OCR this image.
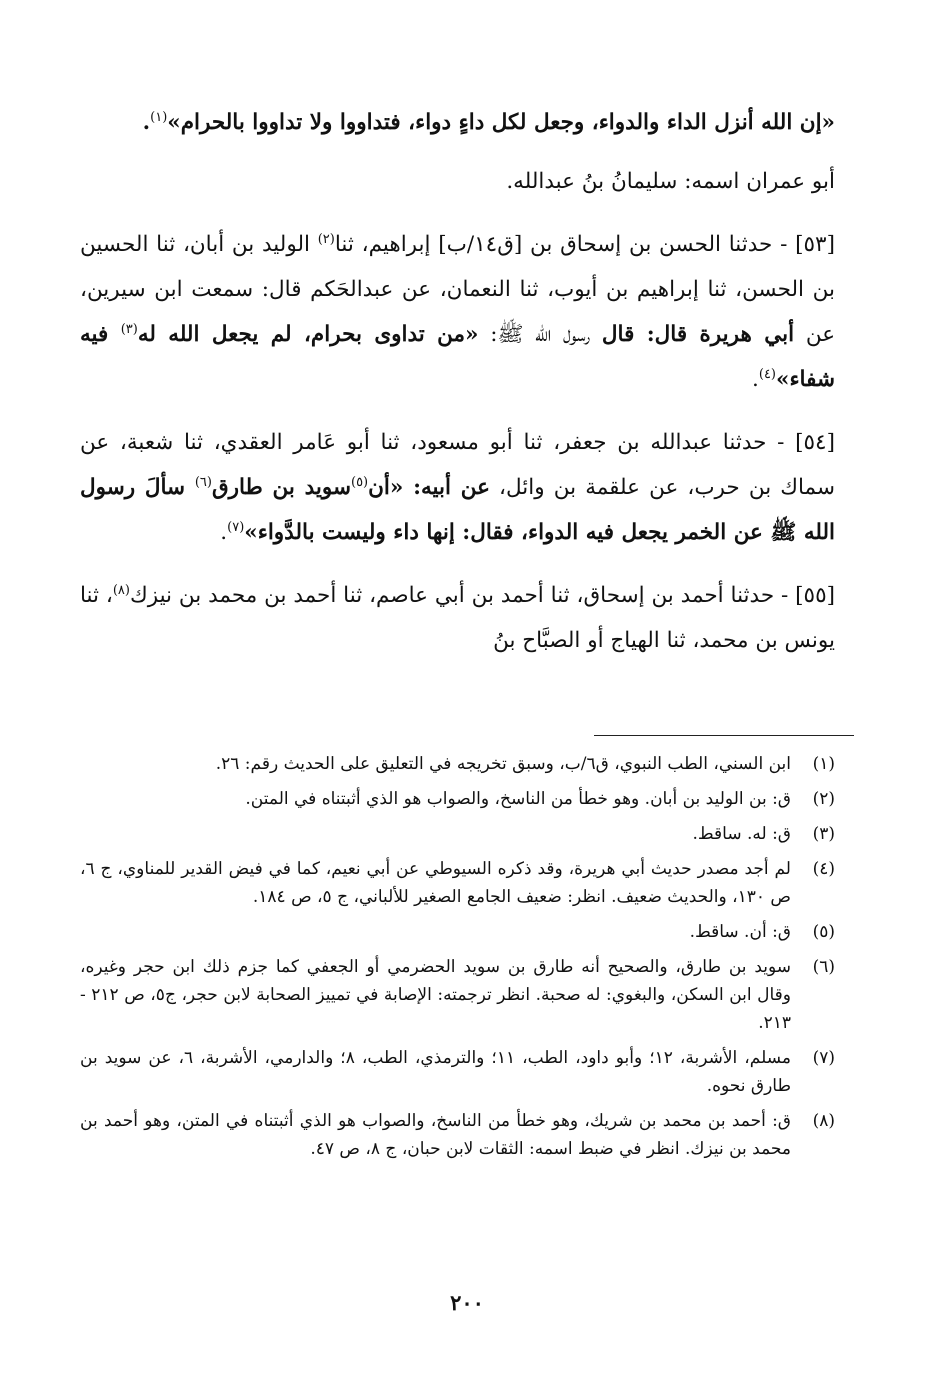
«إن الله أنزل الداء والدواء، وجعل لكل داءٍ دواء، فتداووا ولا تداووا بالحرام»$^{(١)}$.

أبو عمران اسمه: سليمانُ بنُ عبدالله.

[٥٣] - حدثنا الحسن بن إسحاق بن [ق١٤/ب] إبراهيم، ثنا$^{(٢)}$ الوليد بن أبان، ثنا الحسين بن الحسن، ثنا إبراهيم بن أيوب، ثنا النعمان، عن عبدالحَكم قال: سمعت ابن سيرين، عن أبي هريرة قال: قال رسول الله ﷺ: «من تداوى بحرام، لم يجعل الله له$^{(٣)}$ فيه شفاء»$^{(٤)}$.

[٥٤] - حدثنا عبدالله بن جعفر، ثنا أبو مسعود، ثنا أبو عَامر العقدي، ثنا شعبة، عن سماك بن حرب، عن علقمة بن وائل، عن أبيه: «أن$^{(٥)}$سويد بن طارق$^{(٦)}$ سألَ رسول الله ﷺ عن الخمر يجعل فيه الدواء، فقال: إنها داء وليست بالدَّواء»$^{(٧)}$.

[٥٥] - حدثنا أحمد بن إسحاق، ثنا أحمد بن أبي عاصم، ثنا أحمد بن محمد بن نيزك$^{(٨)}$، ثنا يونس بن محمد، ثنا الهياج أو الصبَّاح بنُ

(١)
ابن السني، الطب النبوي، ق٦/ب، وسبق تخريجه في التعليق على الحديث رقم: ٢٦.
(٢)
ق: بن الوليد بن أبان. وهو خطأ من الناسخ، والصواب هو الذي أثبتناه في المتن.
(٣)
ق: له. ساقط.
(٤)
لم أجد مصدر حديث أبي هريرة، وقد ذكره السيوطي عن أبي نعيم، كما في فيض القدير للمناوي، ج ٦، ص ١٣٠، والحديث ضعيف. انظر: ضعيف الجامع الصغير للألباني، ج ٥، ص ١٨٤.
(٥)
ق: أن. ساقط.
(٦)
سويد بن طارق، والصحيح أنه طارق بن سويد الحضرمي أو الجعفي كما جزم ذلك ابن حجر وغيره، وقال ابن السكن، والبغوي: له صحبة. انظر ترجمته: الإصابة في تمييز الصحابة لابن حجر، ج٥، ص ٢١٢ - ٢١٣.
(٧)
مسلم، الأشربة، ١٢؛ وأبو داود، الطب، ١١؛ والترمذي، الطب، ٨؛ والدارمي، الأشربة، ٦، عن سويد بن طارق نحوه.
(٨)
ق: أحمد بن محمد بن شريك، وهو خطأ من الناسخ، والصواب هو الذي أثبتناه في المتن، وهو أحمد بن محمد بن نيزك. انظر في ضبط اسمه: الثقات لابن حبان، ج ٨، ص ٤٧.
٢٠٠
